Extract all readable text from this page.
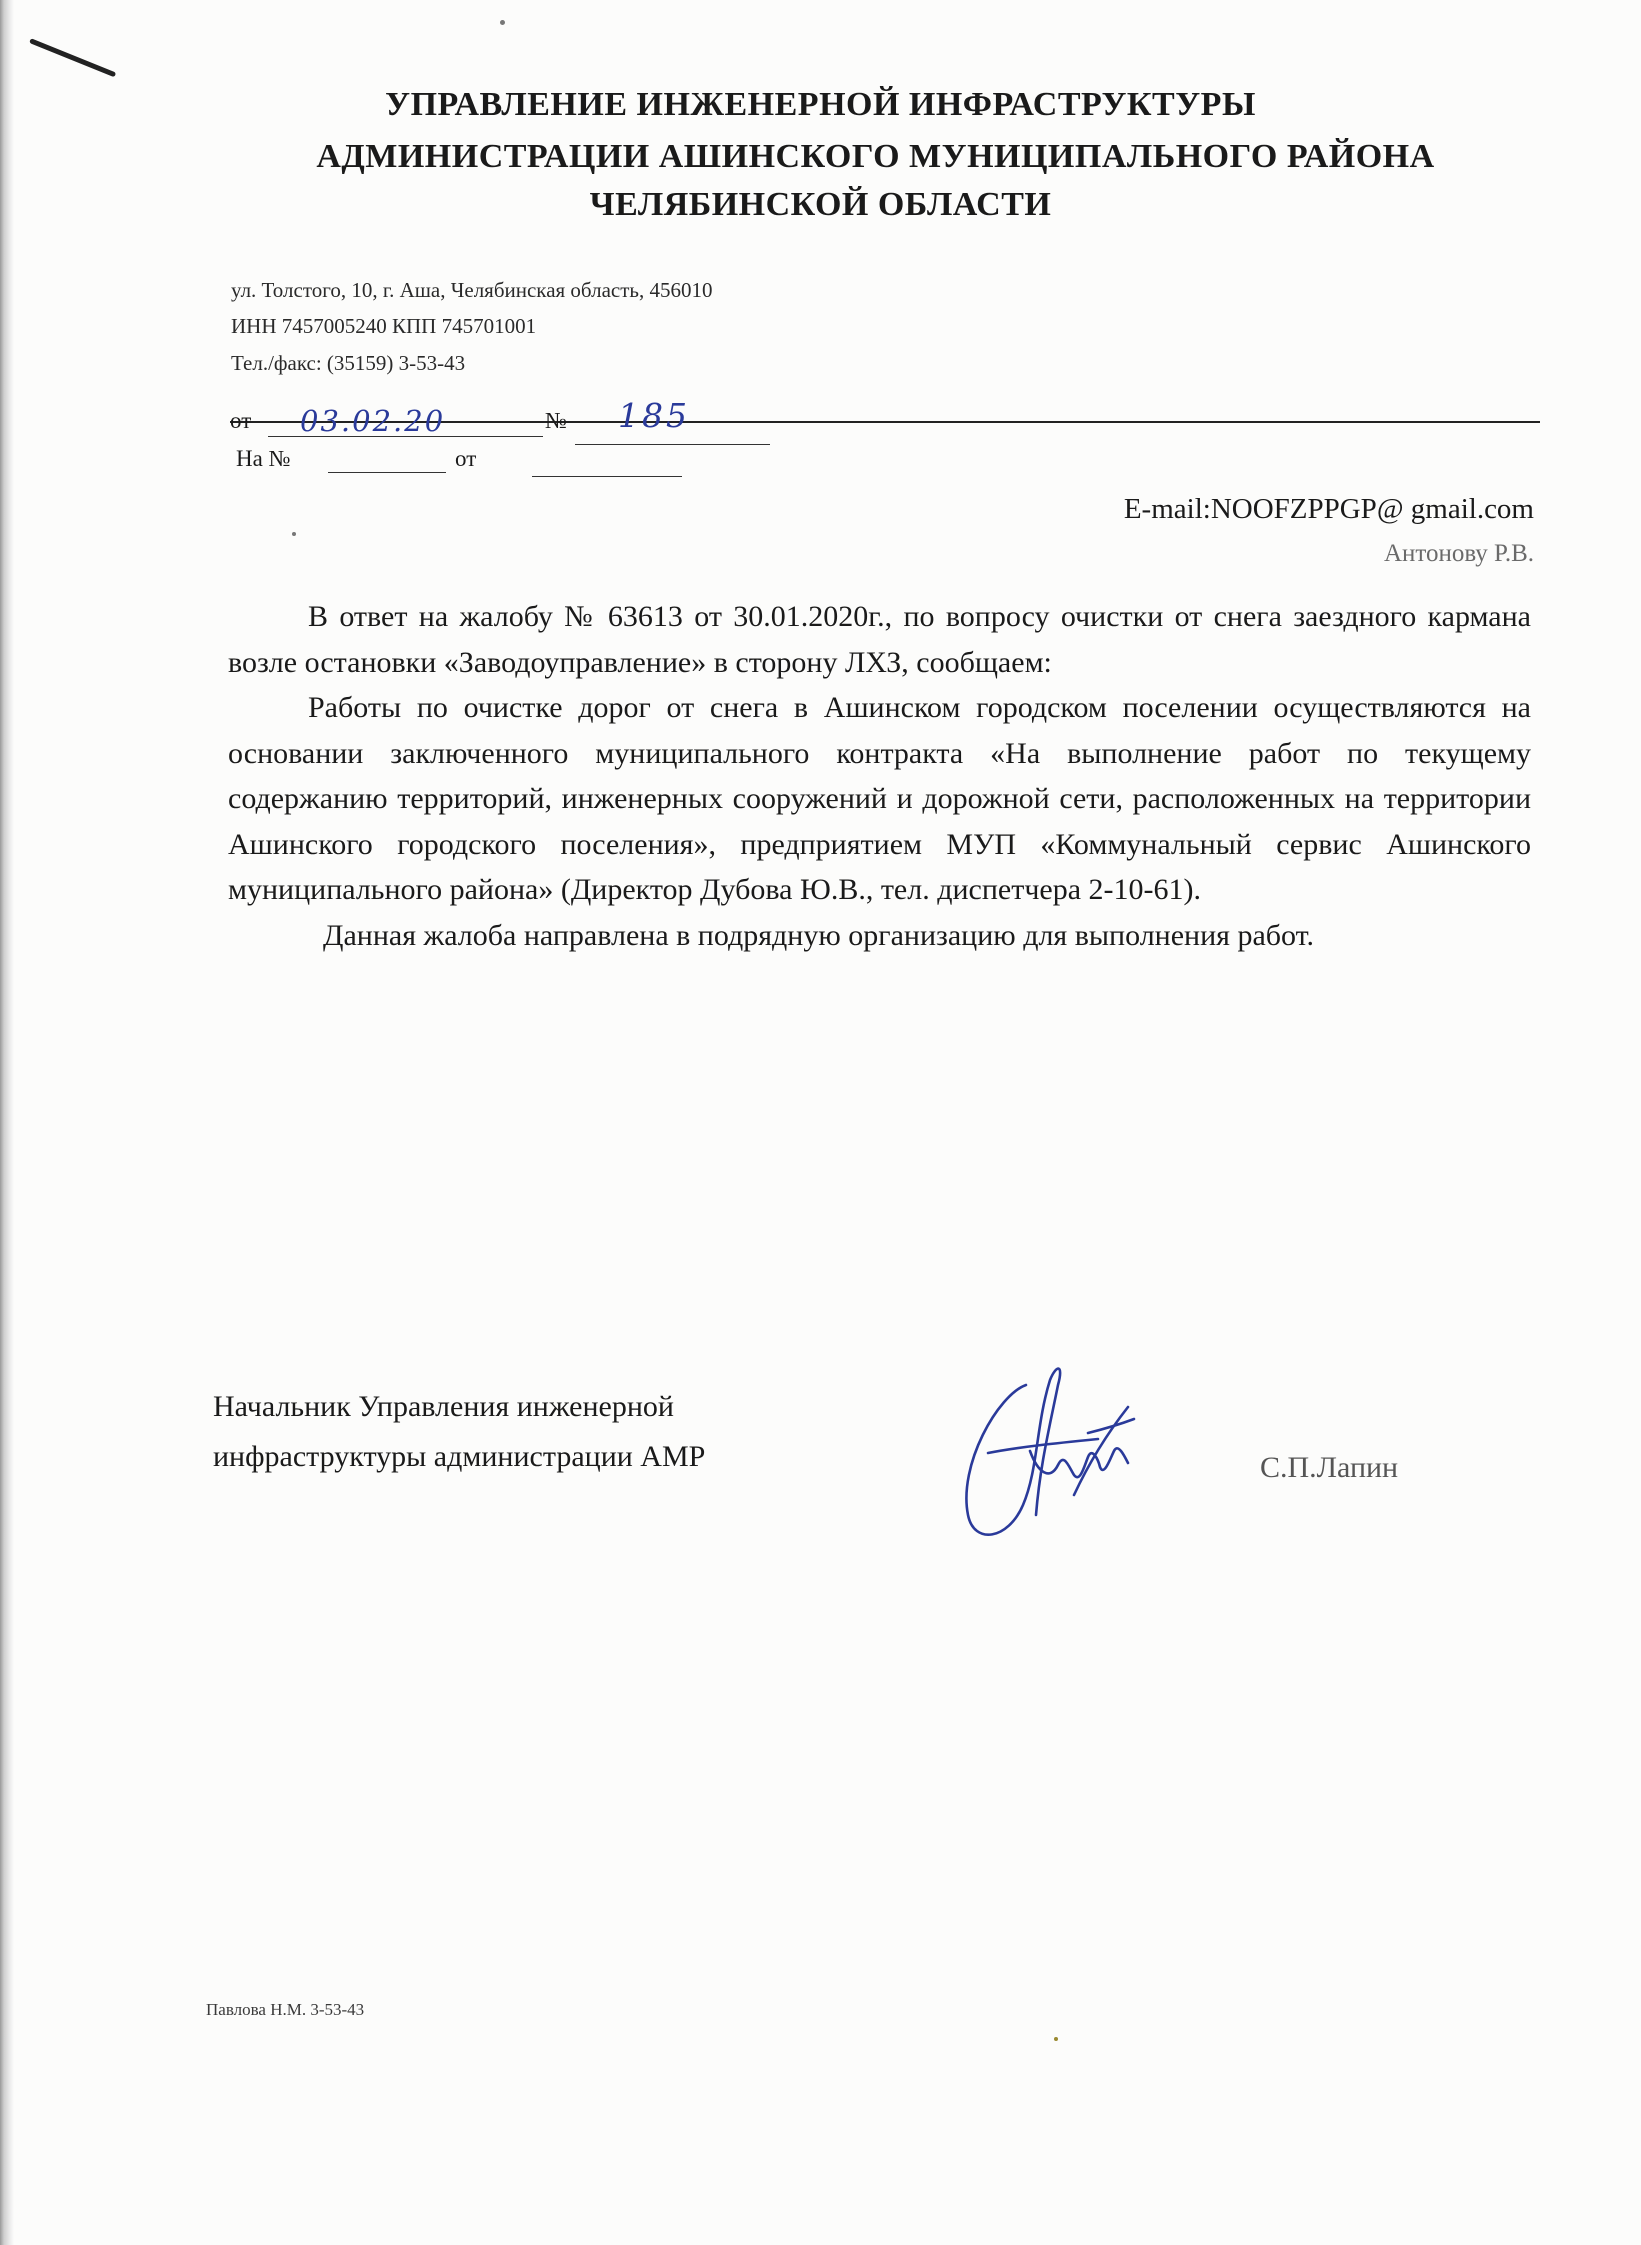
УПРАВЛЕНИЕ ИНЖЕНЕРНОЙ ИНФРАСТРУКТУРЫ
АДМИНИСТРАЦИИ АШИНСКОГО МУНИЦИПАЛЬНОГО РАЙОНА
ЧЕЛЯБИНСКОЙ ОБЛАСТИ
ул. Толстого, 10, г. Аша, Челябинская область, 456010
ИНН 7457005240 КПП 745701001
Тел./факс: (35159) 3-53-43
от 03.02.20	№ 185
На №	от
E-mail:NOOFZPPGP@ gmail.com
Антонову Р.В.

В ответ на жалобу № 63613 от 30.01.2020г., по вопросу очистки от снега заездного кармана возле остановки «Заводоуправление» в сторону ЛХЗ, сообщаем:

Работы по очистке дорог от снега в Ашинском городском поселении осуществляются на основании заключенного муниципального контракта «На выполнение работ по текущему содержанию территорий, инженерных сооружений и дорожной сети, расположенных на территории Ашинского городского поселения», предприятием МУП «Коммунальный сервис Ашинского муниципального района» (Директор Дубова Ю.В., тел. диспетчера 2-10-61).

Данная жалоба направлена в подрядную организацию для выполнения работ.

Начальник Управления инженерной
инфраструктуры администрации АМР	С.П.Лапин
Павлова Н.М. 3-53-43
